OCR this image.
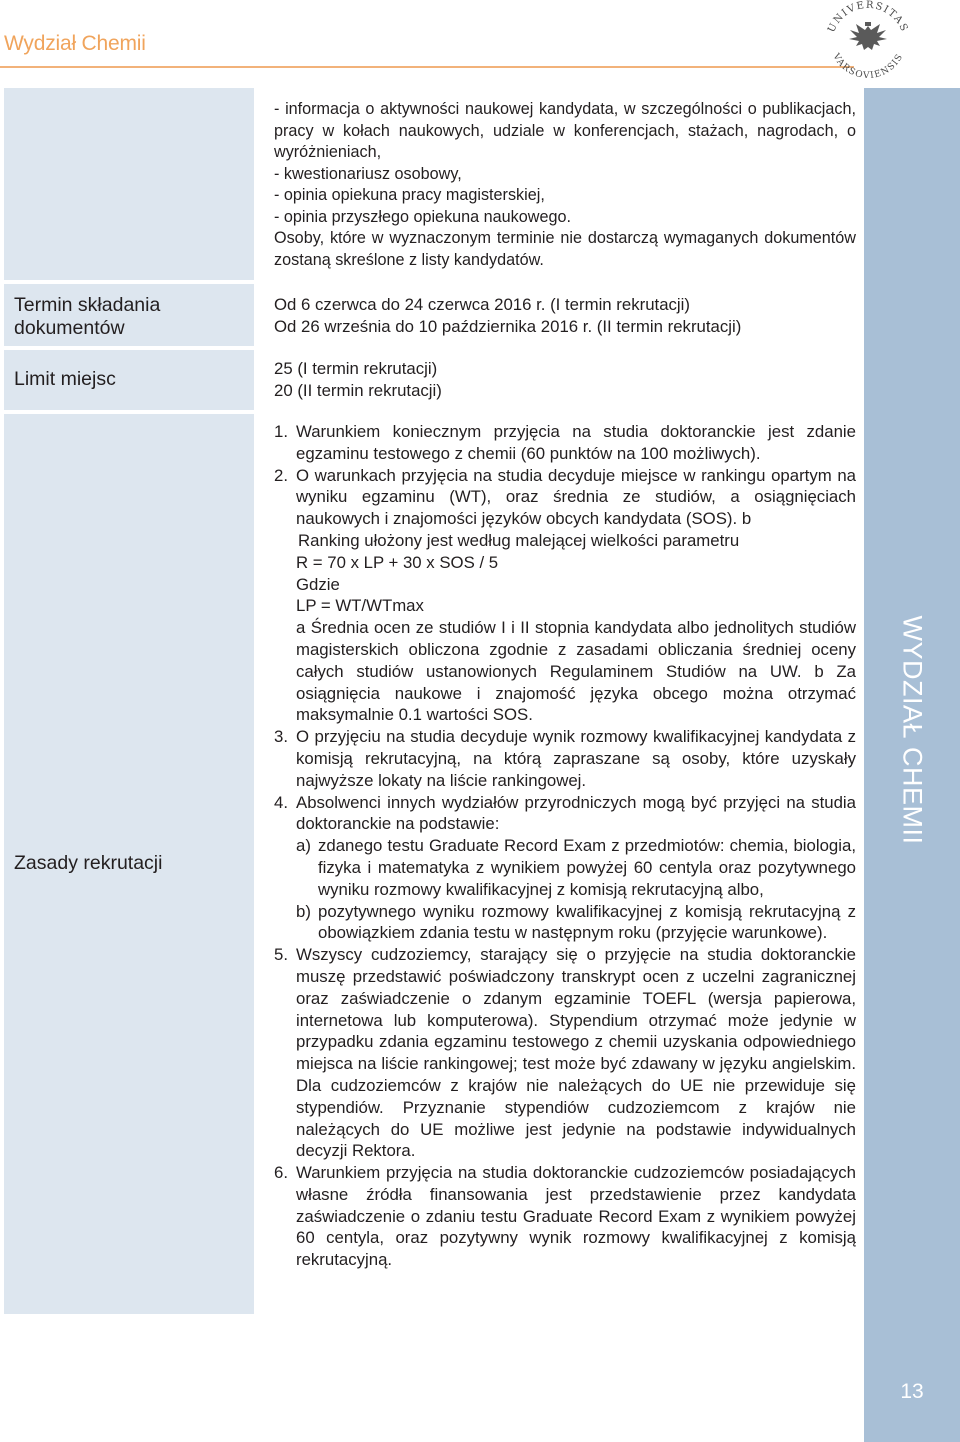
Wydział Chemii
UNIVERSITAS
VARSOVIENSIS
WYDZIAŁ CHEMII
13

- informacja o aktywności naukowej kandydata, w szczególności o publikacjach, pracy w kołach naukowych, udziale w konferencjach, stażach, nagrodach, o wyróżnieniach,

- kwestionariusz osobowy,

- opinia opiekuna pracy magisterskiej,

- opinia przyszłego opiekuna naukowego.

Osoby, które w wyznaczonym terminie nie dostarczą wymaganych dokumentów zostaną skreślone z listy kandydatów.

Termin składania dokumentów

Od 6 czerwca do 24 czerwca 2016 r. (I termin rekrutacji)

Od 26 września do 10 października 2016 r. (II termin rekrutacji)

Limit miejsc	25 (I termin rekrutacji)

20 (II termin rekrutacji)

Zasady rekrutacji
1. Warunkiem koniecznym przyjęcia na studia doktoranckie jest zdanie egzaminu testowego z chemii (60 punktów na 100 możliwych).

2. O warunkach przyjęcia na studia decyduje miejsce w rankingu opartym na wyniku egzaminu (WT), oraz średnia ze studiów, a osiągnięciach naukowych i znajomości języków obcych kandydata (SOS). b

Ranking ułożony jest według malejącej wielkości parametru

R = 70 x LP + 30 x SOS / 5

Gdzie

LP = WT/WTmax

a Średnia ocen ze studiów I i II stopnia kandydata albo jednolitych studiów magisterskich obliczona zgodnie z zasadami obliczania średniej oceny całych studiów ustanowionych Regulaminem Studiów na UW. b Za osiągnięcia naukowe i znajomość języka obcego można otrzymać maksymalnie 0.1 wartości SOS.

3. O przyjęciu na studia decyduje wynik rozmowy kwalifikacyjnej kandydata z komisją rekrutacyjną, na którą zapraszane są osoby, które uzyskały najwyższe lokaty na liście rankingowej.

4. Absolwenci innych wydziałów przyrodniczych mogą być przyjęci na studia doktoranckie na podstawie:

a) zdanego testu Graduate Record Exam z przedmiotów: chemia, biologia, fizyka i matematyka z wynikiem powyżej 60 centyla oraz pozytywnego wyniku rozmowy kwalifikacyjnej z komisją rekrutacyjną albo,

b) pozytywnego wyniku rozmowy kwalifikacyjnej z komisją rekrutacyjną z obowiązkiem zdania testu w następnym roku (przyjęcie warunkowe).

5. Wszyscy cudzoziemcy, starający się o przyjęcie na studia doktoranckie muszę przedstawić poświadczony transkrypt ocen z uczelni zagranicznej oraz zaświadczenie o zdanym egzaminie TOEFL (wersja papierowa, internetowa lub komputerowa). Stypendium otrzymać może jedynie w przypadku zdania egzaminu testowego z chemii uzyskania odpowiedniego miejsca na liście rankingowej; test może być zdawany w języku angielskim. Dla cudzoziemców z krajów nie należących do UE nie przewiduje się stypendiów. Przyznanie stypendiów cudzoziemcom z krajów nie należących do UE możliwe jest jedynie na podstawie indywidualnych decyzji Rektora.

6. Warunkiem przyjęcia na studia doktoranckie cudzoziemców posiadających własne źródła finansowania jest przedstawienie przez kandydata zaświadczenie o zdaniu testu Graduate Record Exam z wynikiem powyżej 60 centyla, oraz pozytywny wynik rozmowy kwalifikacyjnej z komisją rekrutacyjną.
